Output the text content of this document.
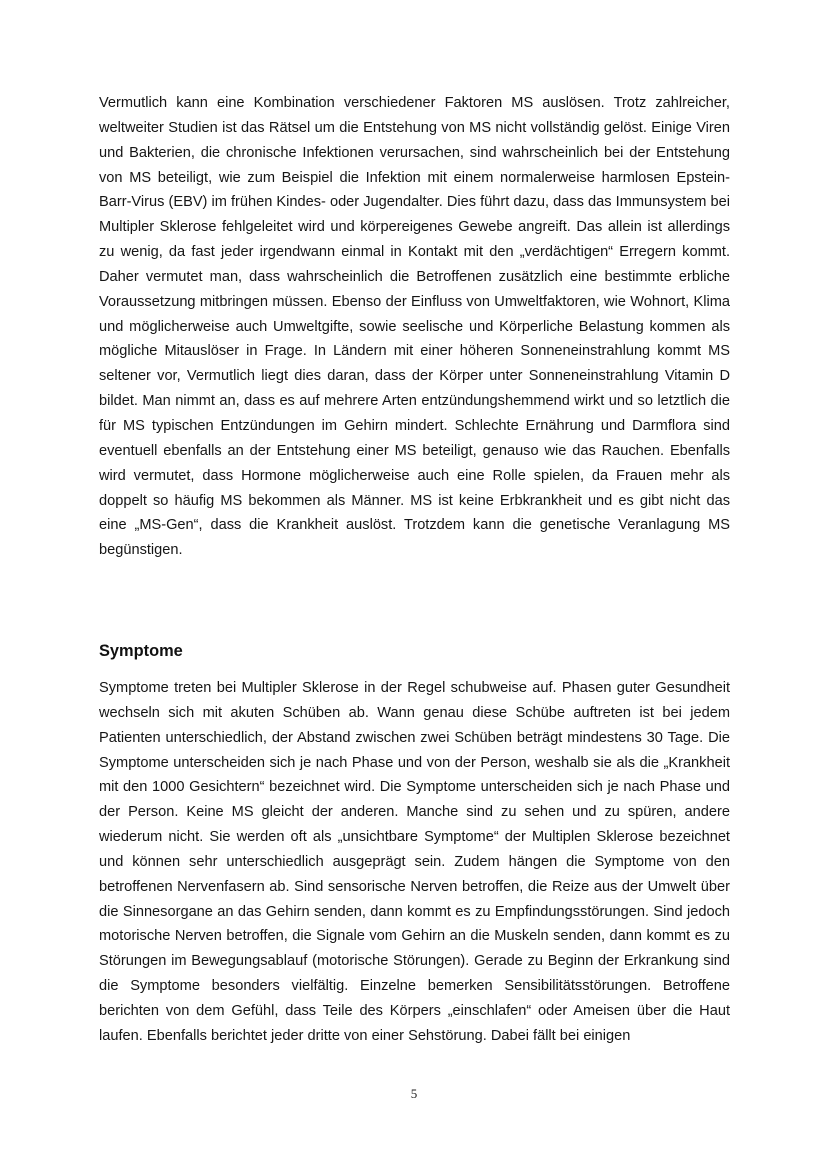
Vermutlich kann eine Kombination verschiedener Faktoren MS auslösen. Trotz zahlreicher, weltweiter Studien ist das Rätsel um die Entstehung von MS nicht vollständig gelöst. Einige Viren und Bakterien, die chronische Infektionen verursachen, sind wahrscheinlich bei der Entstehung von MS beteiligt, wie zum Beispiel die Infektion mit einem normalerweise harmlosen Epstein-Barr-Virus (EBV) im frühen Kindes- oder Jugendalter. Dies führt dazu, dass das Immunsystem bei Multipler Sklerose fehlgeleitet wird und körpereigenes Gewebe angreift. Das allein ist allerdings zu wenig, da fast jeder irgendwann einmal in Kontakt mit den „verdächtigen“ Erregern kommt. Daher vermutet man, dass wahrscheinlich die Betroffenen zusätzlich eine bestimmte erbliche Voraussetzung mitbringen müssen. Ebenso der Einfluss von Umweltfaktoren, wie Wohnort, Klima und möglicherweise auch Umweltgifte, sowie seelische und Körperliche Belastung kommen als mögliche Mitauslöser in Frage. In Ländern mit einer höheren Sonneneinstrahlung kommt MS seltener vor, Vermutlich liegt dies daran, dass der Körper unter Sonneneinstrahlung Vitamin D bildet. Man nimmt an, dass es auf mehrere Arten entzündungshemmend wirkt und so letztlich die für MS typischen Entzündungen im Gehirn mindert. Schlechte Ernährung und Darmflora sind eventuell ebenfalls an der Entstehung einer MS beteiligt, genauso wie das Rauchen. Ebenfalls wird vermutet, dass Hormone möglicherweise auch eine Rolle spielen, da Frauen mehr als doppelt so häufig MS bekommen als Männer. MS ist keine Erbkrankheit und es gibt nicht das eine „MS-Gen“, dass die Krankheit auslöst. Trotzdem kann die genetische Veranlagung MS begünstigen.

Symptome

Symptome treten bei Multipler Sklerose in der Regel schubweise auf. Phasen guter Gesundheit wechseln sich mit akuten Schüben ab. Wann genau diese Schübe auftreten ist bei jedem Patienten unterschiedlich, der Abstand zwischen zwei Schüben beträgt mindestens 30 Tage. Die Symptome unterscheiden sich je nach Phase und von der Person, weshalb sie als die „Krankheit mit den 1000 Gesichtern“ bezeichnet wird. Die Symptome unterscheiden sich je nach Phase und der Person. Keine MS gleicht der anderen. Manche sind zu sehen und zu spüren, andere wiederum nicht. Sie werden oft als „unsichtbare Symptome“ der Multiplen Sklerose bezeichnet und können sehr unterschiedlich ausgeprägt sein. Zudem hängen die Symptome von den betroffenen Nervenfasern ab. Sind sensorische Nerven betroffen, die Reize aus der Umwelt über die Sinnesorgane an das Gehirn senden, dann kommt es zu Empfindungsstörungen. Sind jedoch motorische Nerven betroffen, die Signale vom Gehirn an die Muskeln senden, dann kommt es zu Störungen im Bewegungsablauf (motorische Störungen). Gerade zu Beginn der Erkrankung sind die Symptome besonders vielfältig. Einzelne bemerken Sensibilitätsstörungen. Betroffene berichten von dem Gefühl, dass Teile des Körpers „einschlafen“ oder Ameisen über die Haut laufen. Ebenfalls berichtet jeder dritte von einer Sehstörung. Dabei fällt bei einigen

5
